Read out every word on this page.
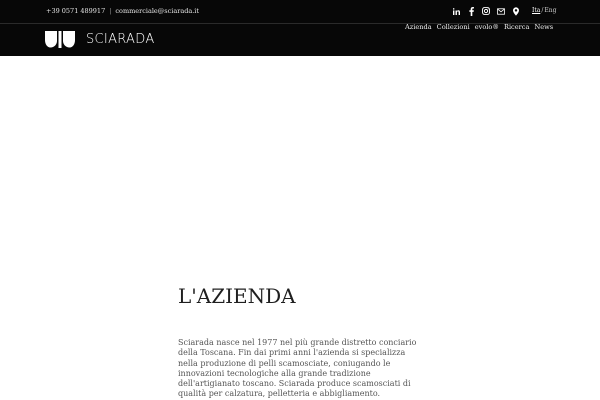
+39 0571 489917 | commerciale@sciarada.it	Ita / Eng
SCIARADA
Azienda Collezioni evolo® Ricerca News
L'AZIENDA
Sciarada nasce nel 1977 nel più grande distretto conciario
della Toscana. Fin dai primi anni l'azienda si specializza
nella produzione di pelli scamosciate, coniugando le
innovazioni tecnologiche alla grande tradizione
dell'artigianato toscano. Sciarada produce scamosciati di
qualità per calzatura, pelletteria e abbigliamento.
